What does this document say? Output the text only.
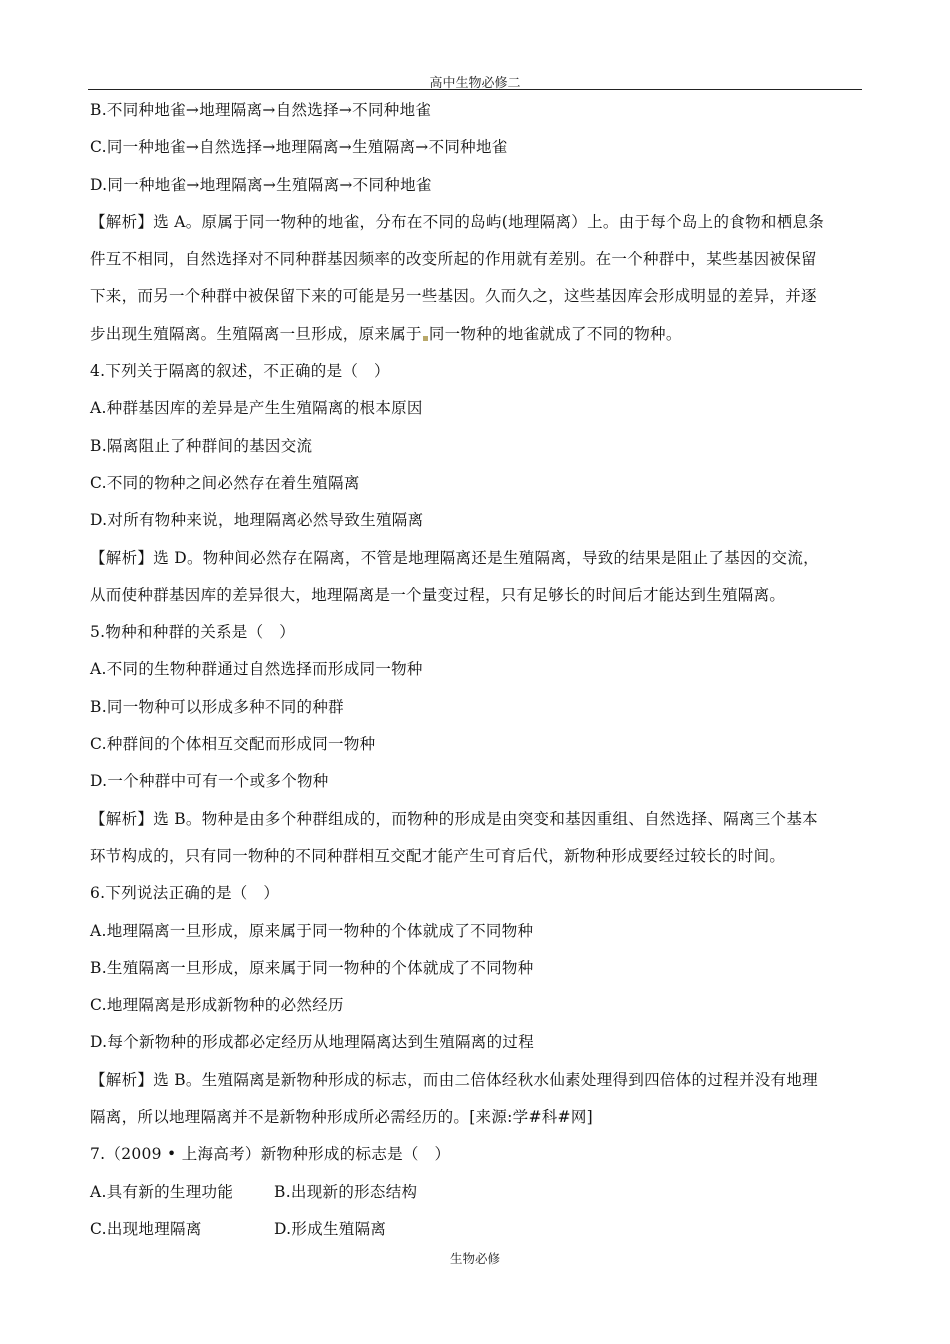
高中生物必修二
B.不同种地雀→地理隔离→自然选择→不同种地雀
C.同一种地雀→自然选择→地理隔离→生殖隔离→不同种地雀
D.同一种地雀→地理隔离→生殖隔离→不同种地雀
【解析】选 A。原属于同一物种的地雀，分布在不同的岛屿(地理隔离）上。由于每个岛上的食物和栖息条
件互不相同，自然选择对不同种群基因频率的改变所起的作用就有差别。在一个种群中，某些基因被保留
下来，而另一个种群中被保留下来的可能是另一些基因。久而久之，这些基因库会形成明显的差异，并逐
步出现生殖隔离。生殖隔离一旦形成，原来属于 同一物种的地雀就成了不同的物种。
4.下列关于隔离的叙述，不正确的是（　）
A.种群基因库的差异是产生生殖隔离的根本原因
B.隔离阻止了种群间的基因交流
C.不同的物种之间必然存在着生殖隔离
D.对所有物种来说，地理隔离必然导致生殖隔离
【解析】选 D。物种间必然存在隔离，不管是地理隔离还是生殖隔离，导致的结果是阻止了基因的交流，
从而使种群基因库的差异很大，地理隔离是一个量变过程，只有足够长的时间后才能达到生殖隔离。
5.物种和种群的关系是（　）
A.不同的生物种群通过自然选择而形成同一物种
B.同一物种可以形成多种不同的种群
C.种群间的个体相互交配而形成同一物种
D.一个种群中可有一个或多个物种
【解析】选 B。物种是由多个种群组成的，而物种的形成是由突变和基因重组、自然选择、隔离三个基本
环节构成的，只有同一物种的不同种群相互交配才能产生可育后代，新物种形成要经过较长的时间。
6.下列说法正确的是（　）
A.地理隔离一旦形成，原来属于同一物种的个体就成了不同物种
B.生殖隔离一旦形成，原来属于同一物种的个体就成了不同物种
C.地理隔离是形成新物种的必然经历
D.每个新物种的形成都必定经历从地理隔离达到生殖隔离的过程
【解析】选 B。生殖隔离是新物种形成的标志，而由二倍体经秋水仙素处理得到四倍体的过程并没有地理
隔离，所以地理隔离并不是新物种形成所必需经历的。[来源:学#科#网]
7.（2009 • 上海高考）新物种形成的标志是（　）
A.具有新的生理功能	B.出现新的形态结构
C.出现地理隔离	D.形成生殖隔离
生物必修
